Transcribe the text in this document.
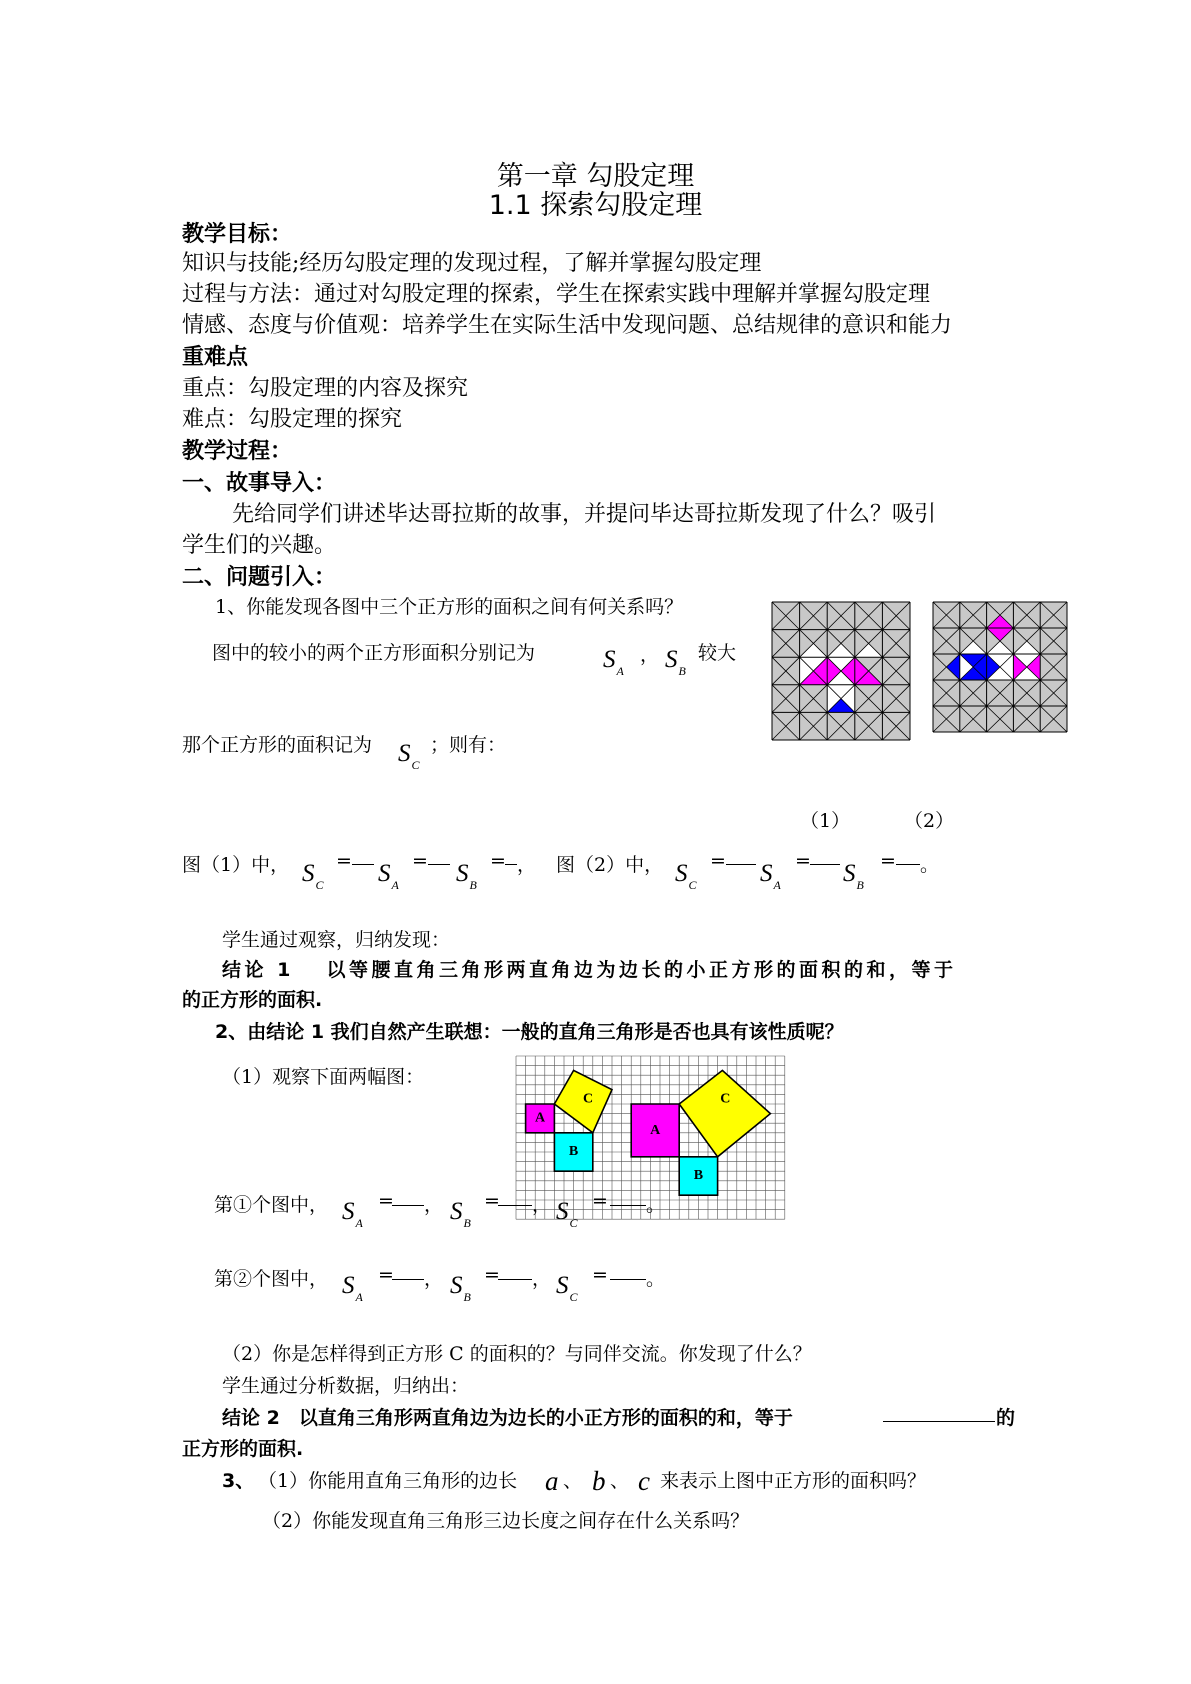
第一章 勾股定理
1.1 探索勾股定理
教学目标：
知识与技能;经历勾股定理的发现过程，了解并掌握勾股定理
过程与方法：通过对勾股定理的探索，学生在探索实践中理解并掌握勾股定理
情感、态度与价值观：培养学生在实际生活中发现问题、总结规律的意识和能力
重难点
重点：勾股定理的内容及探究
难点：勾股定理的探究
教学过程：
一、故事导入：
先给同学们讲述毕达哥拉斯的故事，并提问毕达哥拉斯发现了什么？吸引
学生们的兴趣。
二、问题引入：
1、你能发现各图中三个正方形的面积之间有何关系吗？
图中的较小的两个正方形面积分别记为	$S_A$
， $S_B$
较大
那个正方形的面积记为 $S_C$
；则有：
（1）	（2）
图（1）中， $S_C$
= $S_A$
= $S_B$
= ， 图（2）中， $S_C$
= $S_A$
= $S_B$
= 。
学生通过观察，归纳发现：
结论 1　 以等腰直角三角形两直角边为边长的小正方形的面积的和，等于
的正方形的面积.
2、由结论 1 我们自然产生联想：一般的直角三角形是否也具有该性质呢？
（1）观察下面两幅图：
A
B
C
A
B
C
第①个图中， $S_A$
= ， $S_B$
= ， $S_C$
= 。
第②个图中， $S_A$
= ， $S_B$
= ， $S_C$
= 。
（2）你是怎样得到正方形 C 的面积的？与同伴交流。你发现了什么？
学生通过分析数据，归纳出：
结论 2　以直角三角形两直角边为边长的小正方形的面积的和，等于	的
正方形的面积.
3、 （1）你能用直角三角形的边长 a 、 b 、 c 来表示上图中正方形的面积吗？
（2）你能发现直角三角形三边长度之间存在什么关系吗？
